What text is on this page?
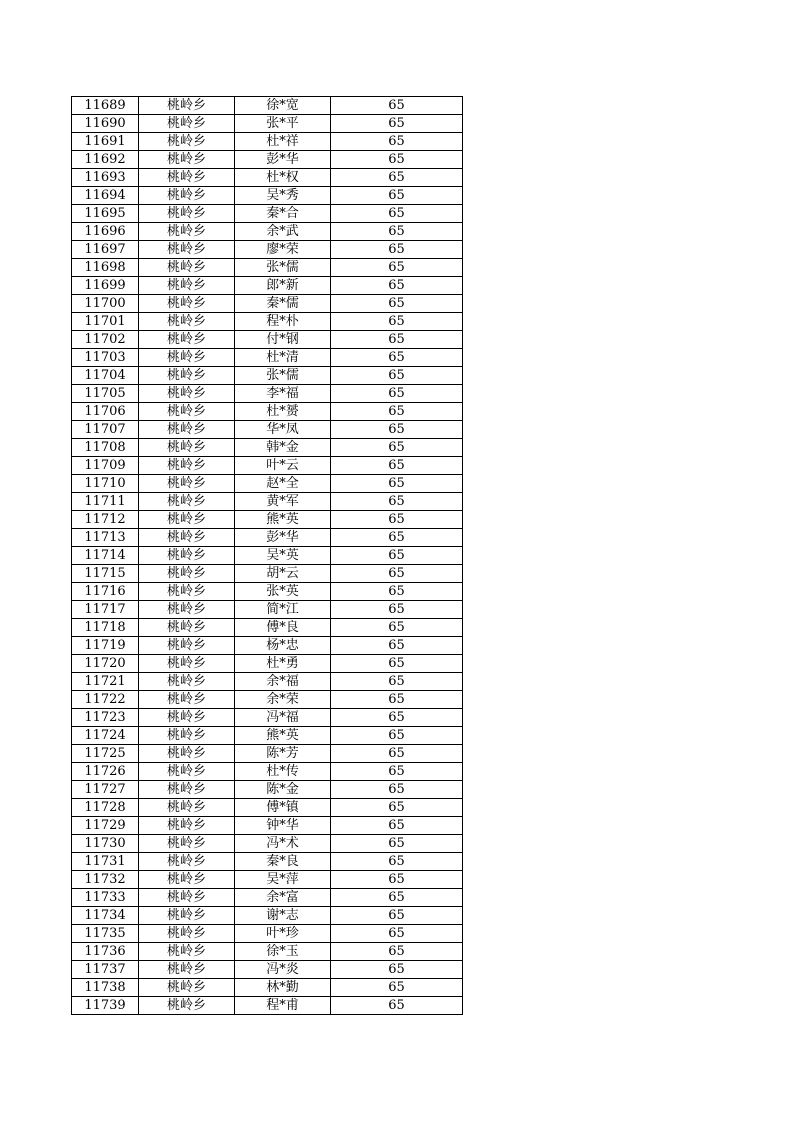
11689	桃岭乡	徐*宽	65
11690	桃岭乡	张*平	65
11691	桃岭乡	杜*祥	65
11692	桃岭乡	彭*华	65
11693	桃岭乡	杜*权	65
11694	桃岭乡	吴*秀	65
11695	桃岭乡	秦*合	65
11696	桃岭乡	余*武	65
11697	桃岭乡	廖*荣	65
11698	桃岭乡	张*儒	65
11699	桃岭乡	郎*新	65
11700	桃岭乡	秦*儒	65
11701	桃岭乡	程*朴	65
11702	桃岭乡	付*钢	65
11703	桃岭乡	杜*清	65
11704	桃岭乡	张*儒	65
11705	桃岭乡	李*福	65
11706	桃岭乡	杜*赟	65
11707	桃岭乡	华*凤	65
11708	桃岭乡	韩*金	65
11709	桃岭乡	叶*云	65
11710	桃岭乡	赵*全	65
11711	桃岭乡	黄*军	65
11712	桃岭乡	熊*英	65
11713	桃岭乡	彭*华	65
11714	桃岭乡	吴*英	65
11715	桃岭乡	胡*云	65
11716	桃岭乡	张*英	65
11717	桃岭乡	简*江	65
11718	桃岭乡	傅*良	65
11719	桃岭乡	杨*忠	65
11720	桃岭乡	杜*勇	65
11721	桃岭乡	余*福	65
11722	桃岭乡	余*荣	65
11723	桃岭乡	冯*福	65
11724	桃岭乡	熊*英	65
11725	桃岭乡	陈*芳	65
11726	桃岭乡	杜*传	65
11727	桃岭乡	陈*金	65
11728	桃岭乡	傅*镇	65
11729	桃岭乡	钟*华	65
11730	桃岭乡	冯*术	65
11731	桃岭乡	秦*良	65
11732	桃岭乡	吴*萍	65
11733	桃岭乡	余*富	65
11734	桃岭乡	谢*志	65
11735	桃岭乡	叶*珍	65
11736	桃岭乡	徐*玉	65
11737	桃岭乡	冯*炎	65
11738	桃岭乡	林*勤	65
11739	桃岭乡	程*甫	65
